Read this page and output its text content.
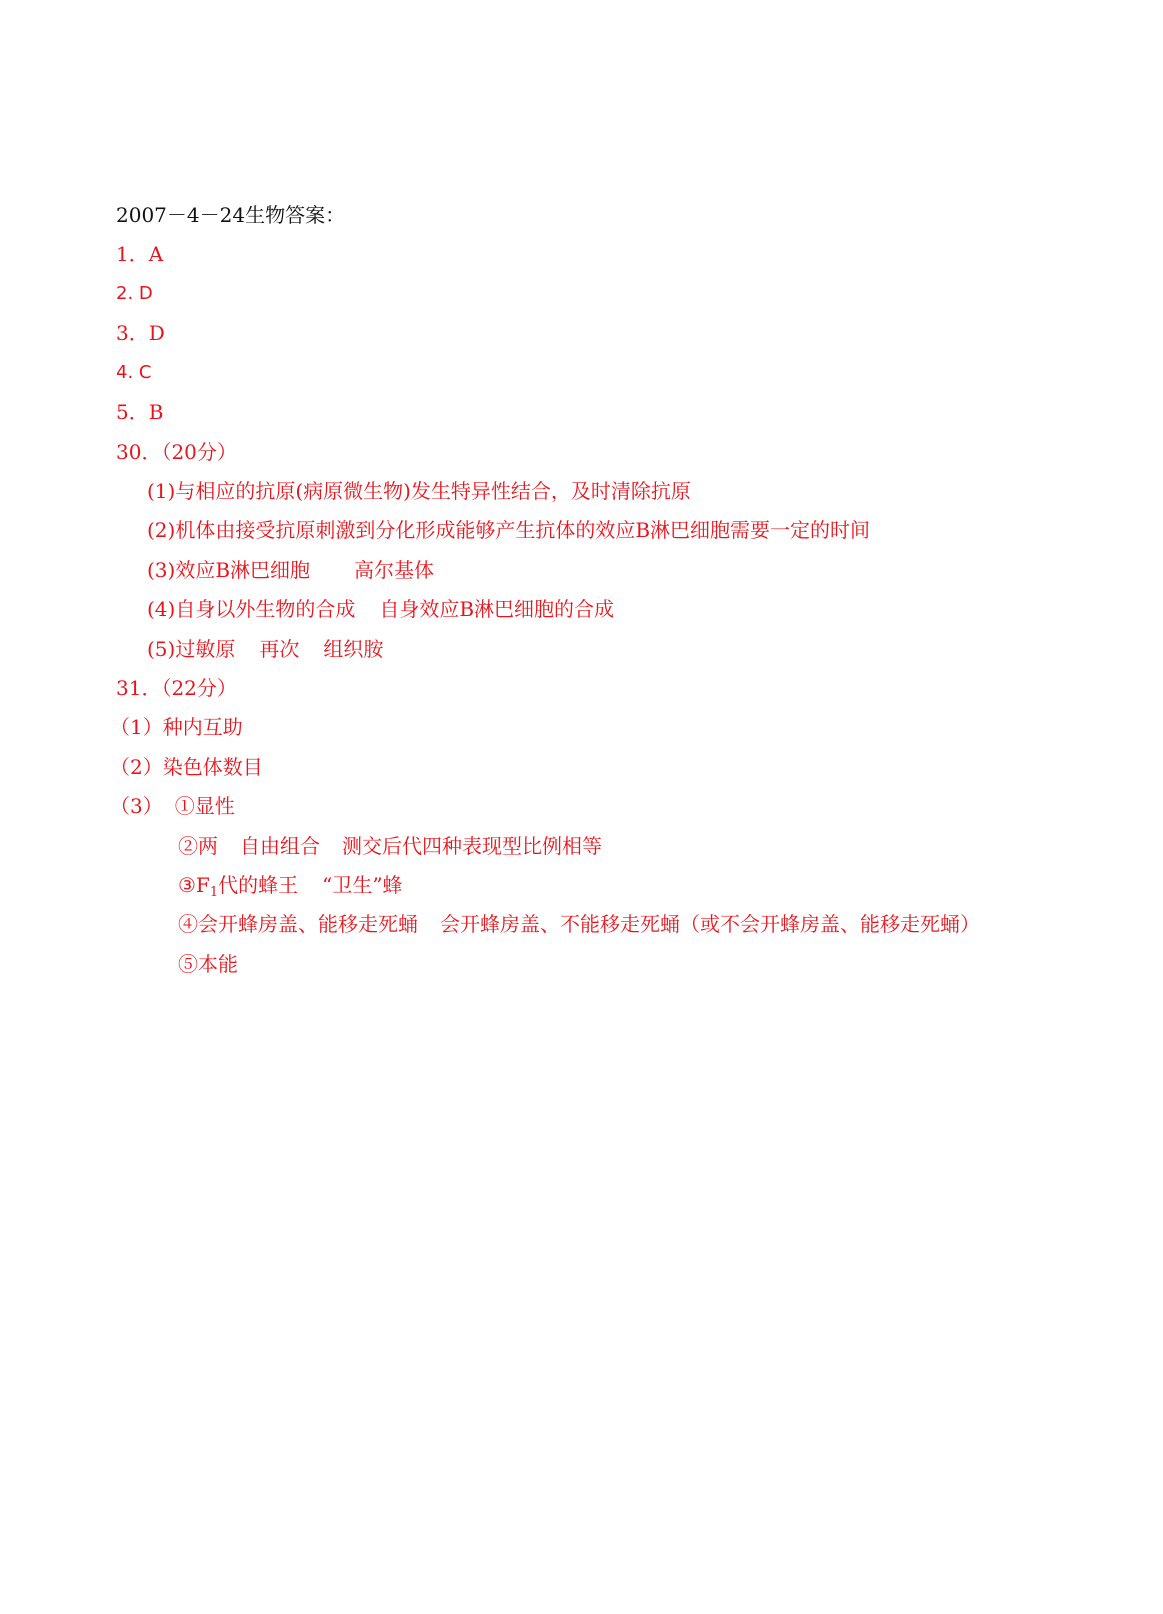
2007－4－24生物答案：
1．A
2. D
3．D
4. C
5．B
30．（20分）
(1)与相应的抗原(病原微生物)发生特异性结合，及时清除抗原
(2)机体由接受抗原刺激到分化形成能够产生抗体的效应B淋巴细胞需要一定的时间
(3)效应B淋巴细胞 高尔基体
(4)自身以外生物的合成 自身效应B淋巴细胞的合成
(5)过敏原 再次 组织胺
31．（22分）
（1）种内互助
（2）染色体数目
（3） ①显性
②两 自由组合 测交后代四种表现型比例相等
$③F_1$代的蜂王 “卫生”蜂
④会开蜂房盖、能移走死蛹 会开蜂房盖、不能移走死蛹（或不会开蜂房盖、能移走死蛹）
⑤本能
